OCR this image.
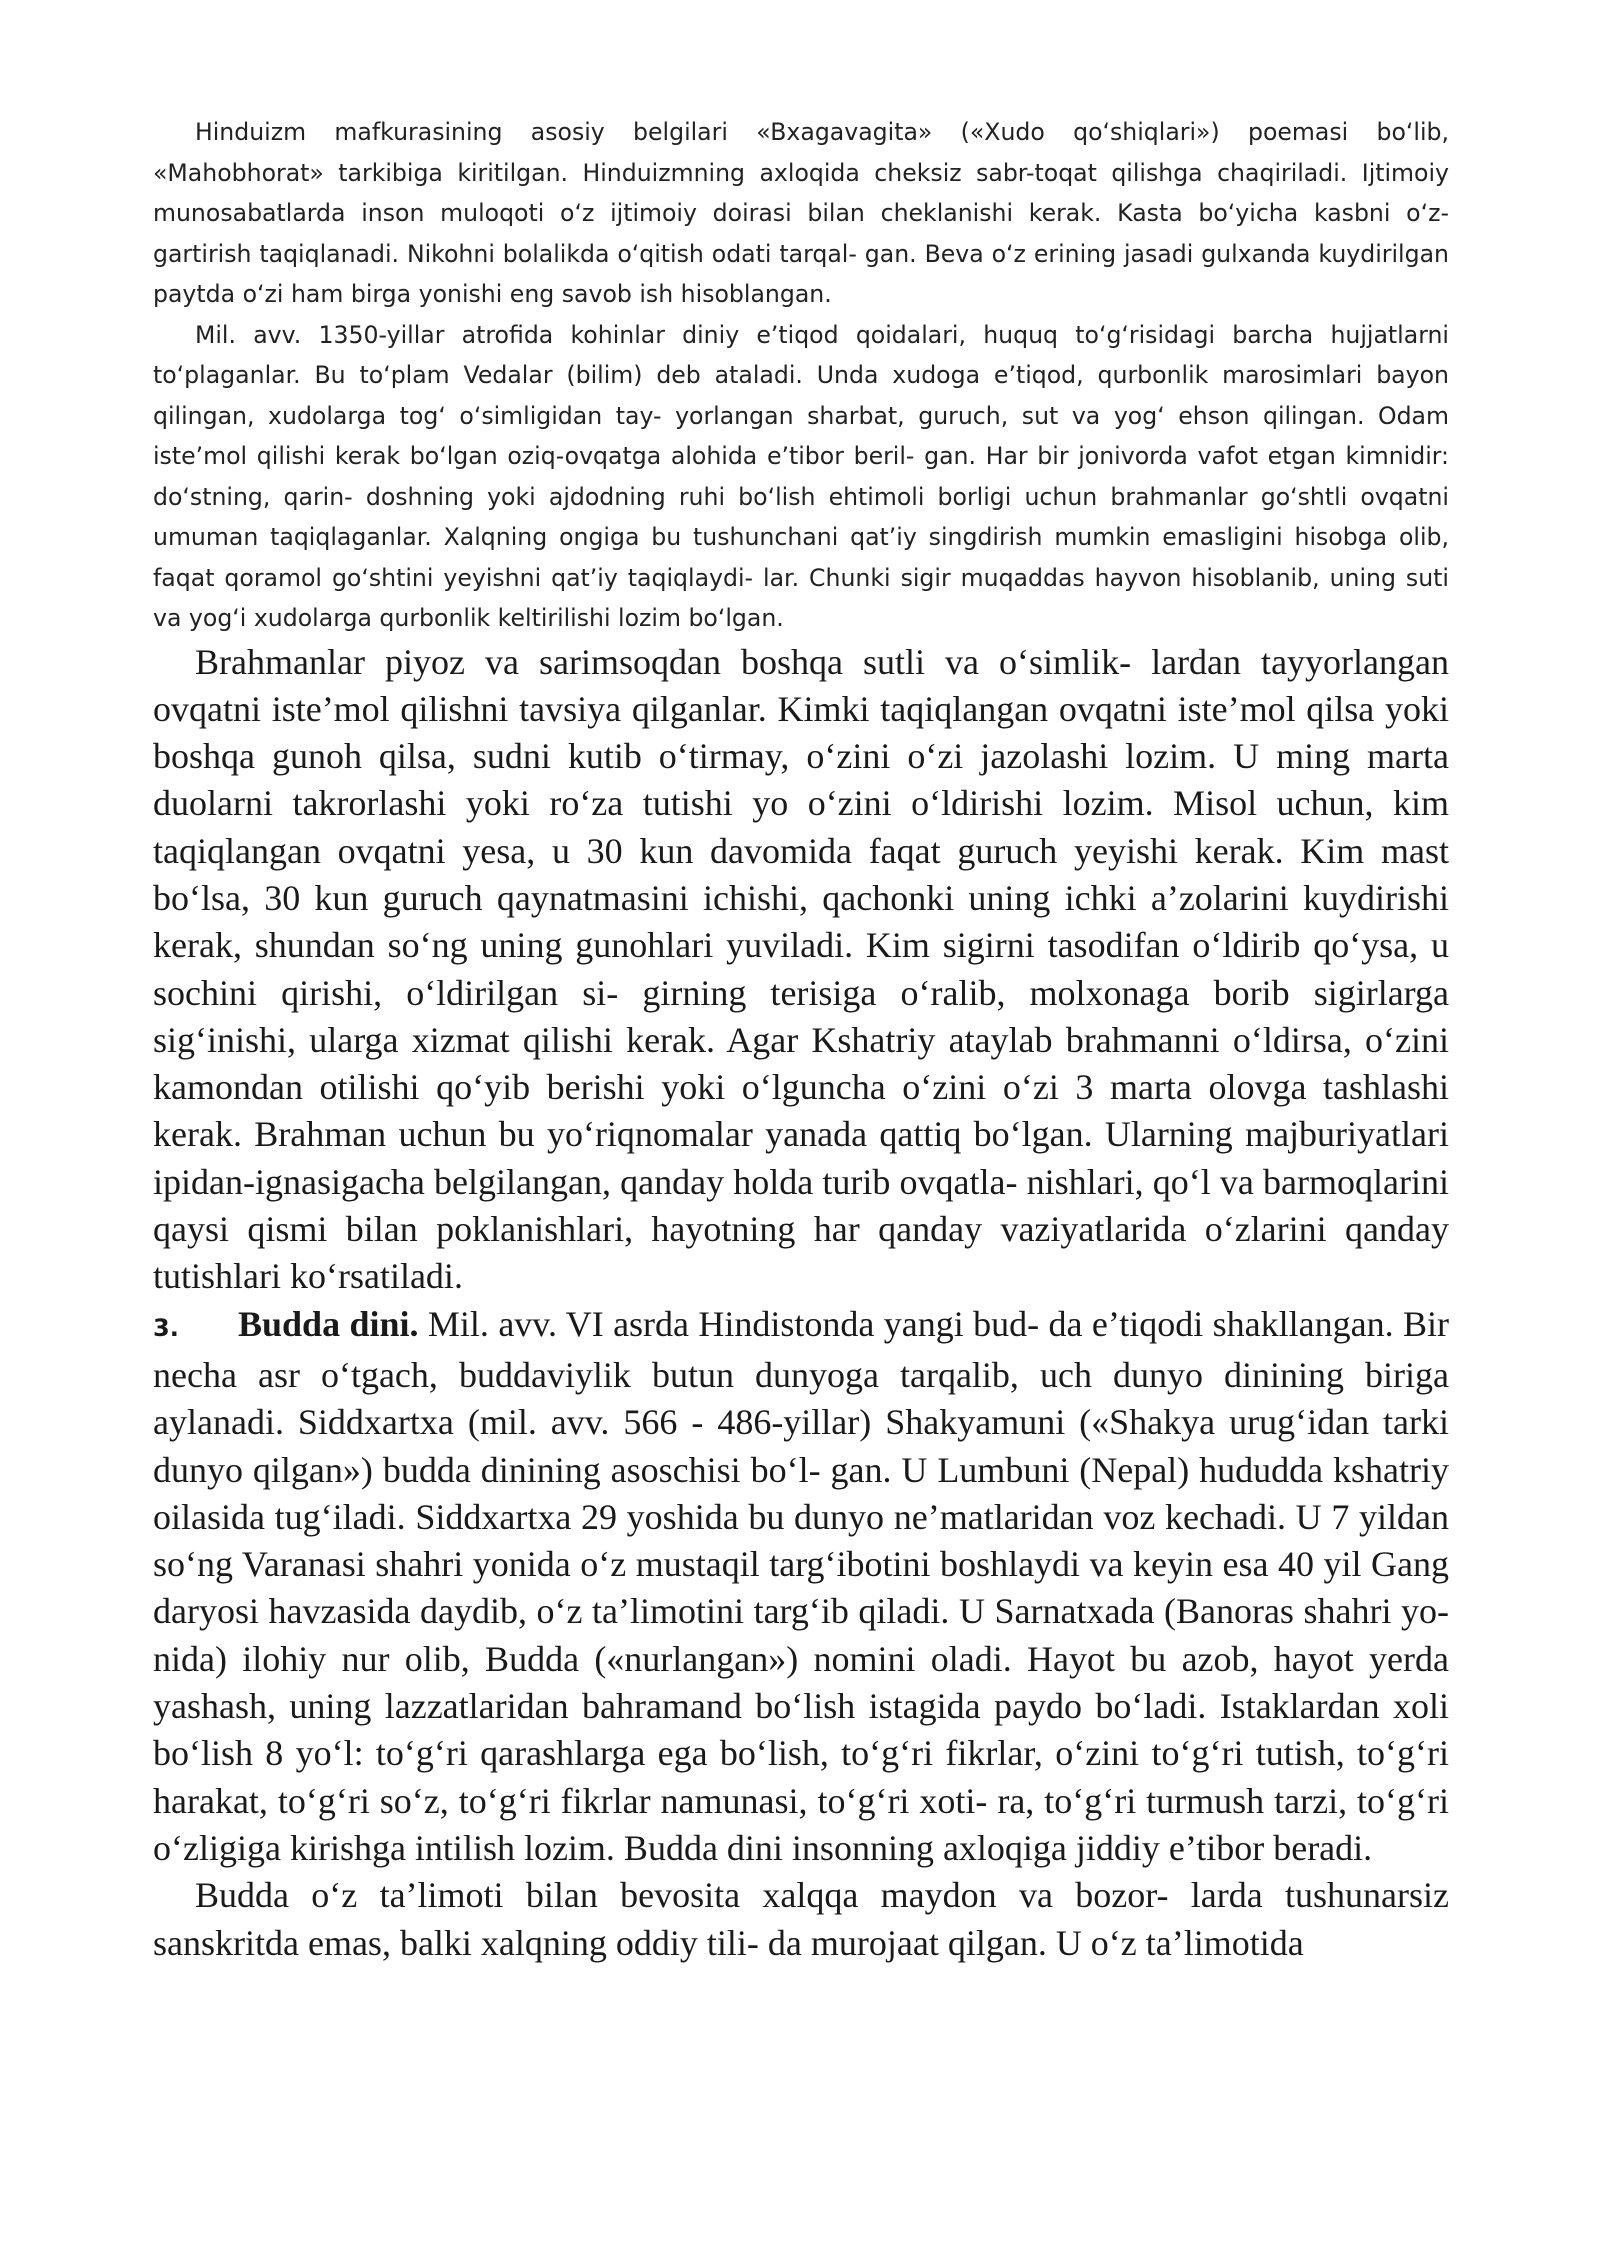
Hinduizm mafkurasining asosiy belgilari «Bxagavagita» («Xudo qo‘shiqlari») poemasi bo‘lib, «Mahobhorat» tarkibiga kiritilgan. Hinduizmning axloqida cheksiz sabr-toqat qilishga chaqiriladi. Ijtimoiy munosabatlarda inson muloqoti o‘z ijtimoiy doirasi bilan cheklanishi kerak. Kasta bo‘yicha kasbni o‘z- gartirish taqiqlanadi. Nikohni bolalikda o‘qitish odati tarqal- gan. Beva o‘z erining jasadi gulxanda kuydirilgan paytda o‘zi ham birga yonishi eng savob ish hisoblangan.

Mil. avv. 1350-yillar atrofida kohinlar diniy e’tiqod qoidalari, huquq to‘g‘risidagi barcha hujjatlarni to‘plaganlar. Bu to‘plam Vedalar (bilim) deb ataladi. Unda xudoga e’tiqod, qurbonlik marosimlari bayon qilingan, xudolarga tog‘ o‘simligidan tay- yorlangan sharbat, guruch, sut va yog‘ ehson qilingan. Odam iste’mol qilishi kerak bo‘lgan oziq-ovqatga alohida e’tibor beril- gan. Har bir jonivorda vafot etgan kimnidir: do‘stning, qarin- doshning yoki ajdodning ruhi bo‘lish ehtimoli borligi uchun brahmanlar go‘shtli ovqatni umuman taqiqlaganlar. Xalqning ongiga bu tushunchani qat’iy singdirish mumkin emasligini hisobga olib, faqat qoramol go‘shtini yeyishni qat’iy taqiqlaydi- lar. Chunki sigir muqaddas hayvon hisoblanib, uning suti va yog‘i xudolarga qurbonlik keltirilishi lozim bo‘lgan.

Brahmanlar piyoz va sarimsoqdan boshqa sutli va o‘simlik- lardan tayyorlangan ovqatni iste’mol qilishni tavsiya qilganlar. Kimki taqiqlangan ovqatni iste’mol qilsa yoki boshqa gunoh qilsa, sudni kutib o‘tirmay, o‘zini o‘zi jazolashi lozim. U ming marta duolarni takrorlashi yoki ro‘za tutishi yo o‘zini o‘ldirishi lozim. Misol uchun, kim taqiqlangan ovqatni yesa, u 30 kun davomida faqat guruch yeyishi kerak. Kim mast bo‘lsa, 30 kun guruch qaynatmasini ichishi, qachonki uning ichki a’zolarini kuydirishi kerak, shundan so‘ng uning gunohlari yuviladi. Kim sigirni tasodifan o‘ldirib qo‘ysa, u sochini qirishi, o‘ldirilgan si- girning terisiga o‘ralib, molxonaga borib sigirlarga sig‘inishi, ularga xizmat qilishi kerak. Agar Kshatriy ataylab brahmanni o‘ldirsa, o‘zini kamondan otilishi qo‘yib berishi yoki o‘lguncha o‘zini o‘zi 3 marta olovga tashlashi kerak. Brahman uchun bu yo‘riqnomalar yanada qattiq bo‘lgan. Ularning majburiyatlari ipidan-ignasigacha belgilangan, qanday holda turib ovqatla- nishlari, qo‘l va barmoqlarini qaysi qismi bilan poklanishlari, hayotning har qanday vaziyatlarida o‘zlarini qanday tutishlari ko‘rsatiladi.

3. Budda dini. Mil. avv. VI asrda Hindistonda yangi bud- da e’tiqodi shakllangan. Bir necha asr o‘tgach, buddaviylik butun dunyoga tarqalib, uch dunyo dinining biriga aylanadi. Siddxartxa (mil. avv. 566 - 486-yillar) Shakyamuni («Shakya urug‘idan tarki dunyo qilgan») budda dinining asoschisi bo‘l- gan. U Lumbuni (Nepal) hududda kshatriy oilasida tug‘iladi. Siddxartxa 29 yoshida bu dunyo ne’matlaridan voz kechadi. U 7 yildan so‘ng Varanasi shahri yonida o‘z mustaqil targ‘ibotini boshlaydi va keyin esa 40 yil Gang daryosi havzasida daydib, o‘z ta’limotini targ‘ib qiladi. U Sarnatxada (Banoras shahri yo- nida) ilohiy nur olib, Budda («nurlangan») nomini oladi. Hayot bu azob, hayot yerda yashash, uning lazzatlaridan bahramand bo‘lish istagida paydo bo‘ladi. Istaklardan xoli bo‘lish 8 yo‘l: to‘g‘ri qarashlarga ega bo‘lish, to‘g‘ri fikrlar, o‘zini to‘g‘ri tutish, to‘g‘ri harakat, to‘g‘ri so‘z, to‘g‘ri fikrlar namunasi, to‘g‘ri xoti- ra, to‘g‘ri turmush tarzi, to‘g‘ri o‘zligiga kirishga intilish lozim. Budda dini insonning axloqiga jiddiy e’tibor beradi.

Budda o‘z ta’limoti bilan bevosita xalqqa maydon va bozor- larda tushunarsiz sanskritda emas, balki xalqning oddiy tili- da murojaat qilgan. U o‘z ta’limotida
